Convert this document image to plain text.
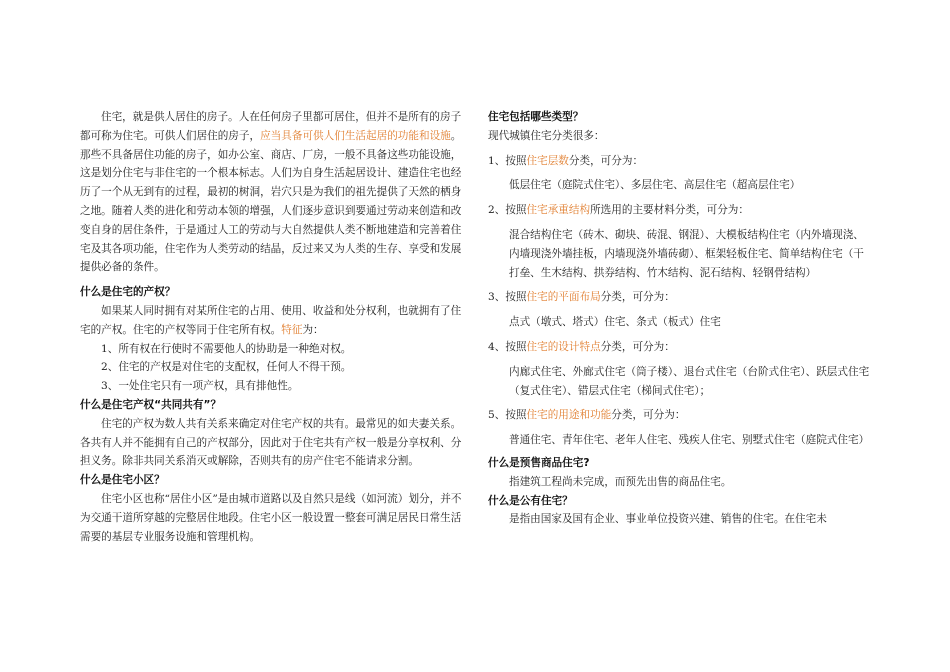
住宅，就是供人居住的房子。人在任何房子里都可居住，但并不是所有的房子都可称为住宅。可供人们居住的房子，应当具备可供人们生活起居的功能和设施。那些不具备居住功能的房子，如办公室、商店、厂房，一般不具备这些功能设施，这是划分住宅与非住宅的一个根本标志。人们为自身生活起居设计、建造住宅也经历了一个从无到有的过程，最初的树洞，岩穴只是为我们的祖先提供了天然的栖身之地。随着人类的进化和劳动本领的增强，人们逐步意识到要通过劳动来创造和改变自身的居住条件，于是通过人工的劳动与大自然提供人类不断地建造和完善着住宅及其各项功能，住宅作为人类劳动的结晶，反过来又为人类的生存、享受和发展提供必备的条件。

什么是住宅的产权？

如果某人同时拥有对某所住宅的占用、使用、收益和处分权利，也就拥有了住宅的产权。住宅的产权等同于住宅所有权。特征为：

1、所有权在行使时不需要他人的协助是一种绝对权。

2、住宅的产权是对住宅的支配权，任何人不得干预。

3、一处住宅只有一项产权，具有排他性。

什么是住宅产权“共同共有”？

住宅的产权为数人共有关系来确定对住宅产权的共有。最常见的如夫妻关系。各共有人并不能拥有自己的产权部分，因此对于住宅共有产权一般是分享权利、分担义务。除非共同关系消灭或解除，否则共有的房产住宅不能请求分割。

什么是住宅小区？

住宅小区也称“居住小区”是由城市道路以及自然只是线（如河流）划分，并不为交通干道所穿越的完整居住地段。住宅小区一般设置一整套可满足居民日常生活需要的基层专业服务设施和管理机构。

住宅包括哪些类型？

现代城镇住宅分类很多：

1、按照住宅层数分类，可分为：

低层住宅（庭院式住宅）、多层住宅、高层住宅（超高层住宅）

2、按照住宅承重结构所选用的主要材料分类，可分为：

混合结构住宅（砖木、砌块、砖混、钢混）、大模板结构住宅（内外墙现浇、内墙现浇外墙挂板，内墙现浇外墙砖砌）、框架轻板住宅、简单结构住宅（干打垒、生木结构、拱券结构、竹木结构、泥石结构、轻钢骨结构）

3、按照住宅的平面布局分类，可分为：

点式（墩式、塔式）住宅、条式（板式）住宅

4、按照住宅的设计特点分类，可分为：

内廊式住宅、外廊式住宅（筒子楼）、退台式住宅（台阶式住宅）、跃层式住宅（复式住宅）、错层式住宅（梯间式住宅）；

5、按照住宅的用途和功能分类，可分为：

普通住宅、青年住宅、老年人住宅、残疾人住宅、别墅式住宅（庭院式住宅）

什么是预售商品住宅?

指建筑工程尚未完成，而预先出售的商品住宅。

什么是公有住宅？

是指由国家及国有企业、事业单位投资兴建、销售的住宅。在住宅未
